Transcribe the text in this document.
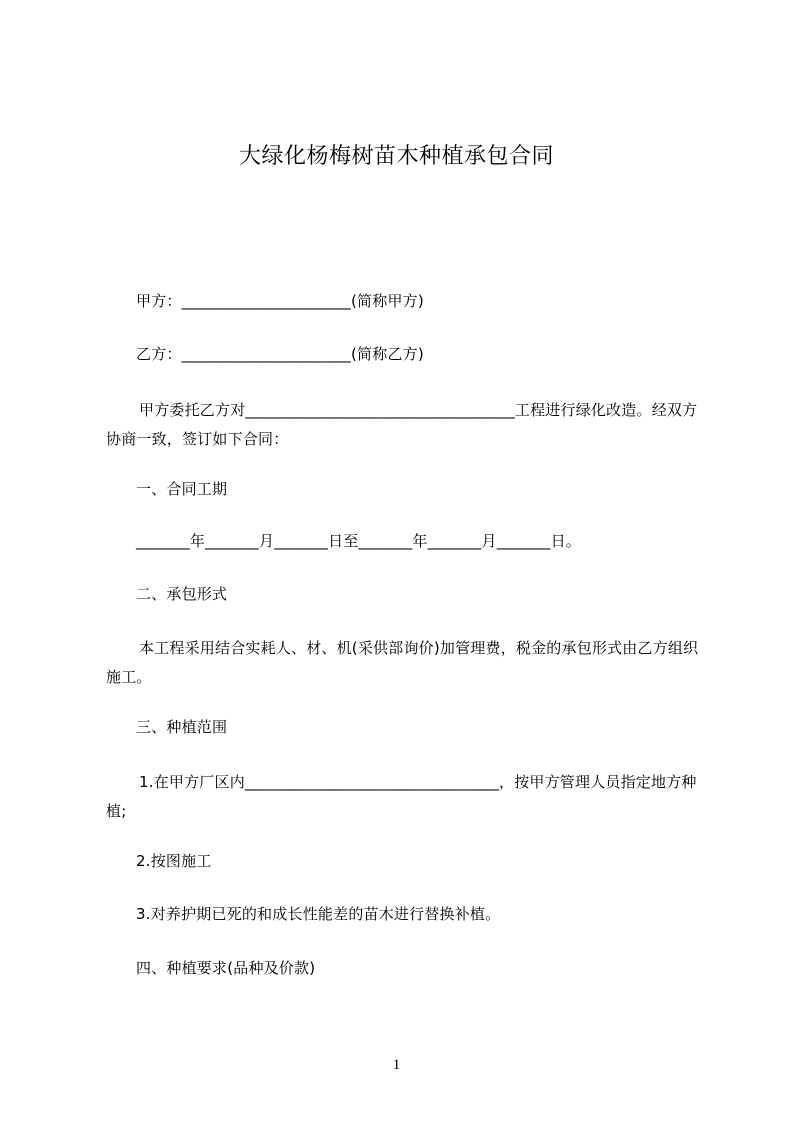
大绿化杨梅树苗木种植承包合同
甲方：______________________(简称甲方)
乙方：______________________(简称乙方)
甲方委托乙方对___________________________________工程进行绿化改造。经双方协商一致，签订如下合同：
一、合同工期
_______年_______月_______日至_______年_______月_______日。
二、承包形式
本工程采用结合实耗人、材、机(采供部询价)加管理费，税金的承包形式由乙方组织施工。
三、种植范围
1.在甲方厂区内_________________________________，按甲方管理人员指定地方种植;
2.按图施工
3.对养护期已死的和成长性能差的苗木进行替换补植。
四、种植要求(品种及价款)
1
